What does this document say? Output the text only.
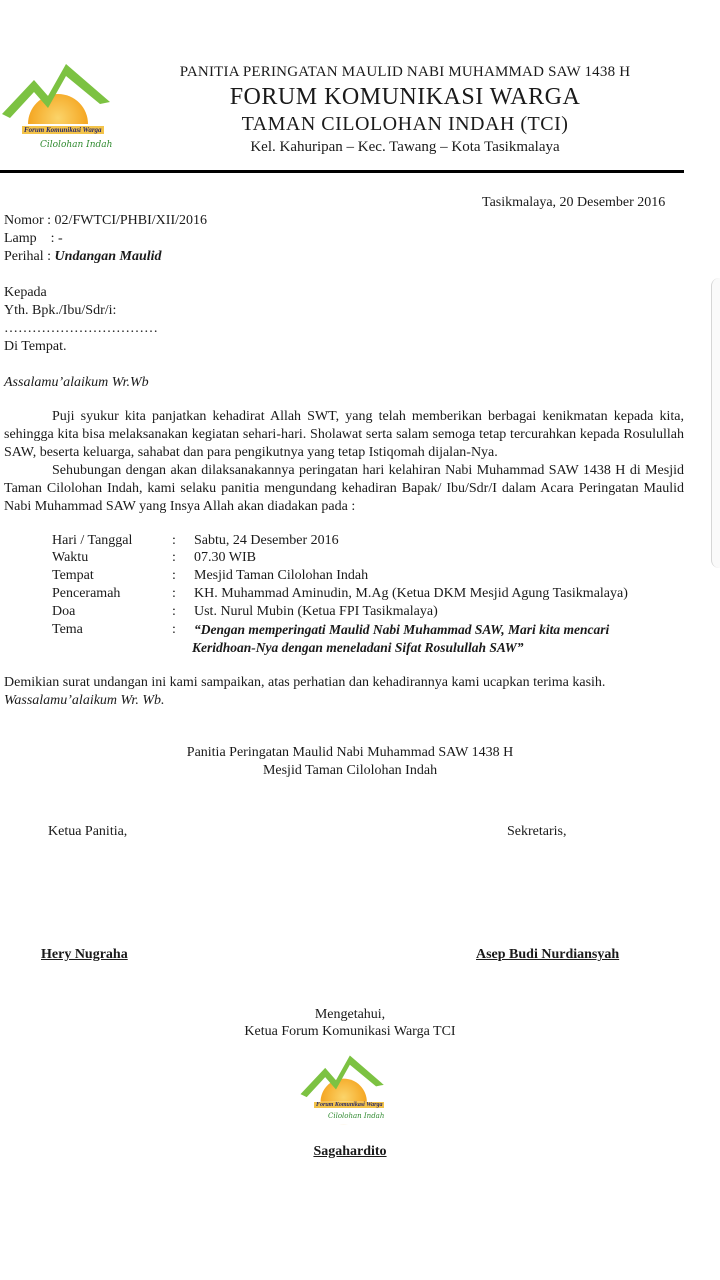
Forum Komunikasi Warga
Cilolohan Indah
PANITIA PERINGATAN MAULID NABI MUHAMMAD SAW 1438 H
FORUM KOMUNIKASI WARGA
TAMAN CILOLOHAN INDAH (TCI)
Kel. Kahuripan – Kec. Tawang – Kota Tasikmalaya
Tasikmalaya, 20 Desember 2016
Nomor : 02/FWTCI/PHBI/XII/2016
Lamp    : -
Perihal : Undangan Maulid
Kepada
Yth. Bpk./Ibu/Sdr/i:
……………………………
Di Tempat.
Assalamu’alaikum Wr.Wb
Puji syukur kita panjatkan kehadirat Allah SWT, yang telah memberikan berbagai kenikmatan kepada kita, sehingga kita bisa melaksanakan kegiatan sehari-hari. Sholawat serta salam semoga tetap tercurahkan kepada Rosulullah SAW, beserta keluarga, sahabat dan para pengikutnya yang tetap Istiqomah dijalan-Nya.
Sehubungan dengan akan dilaksanakannya peringatan hari kelahiran Nabi Muhammad SAW 1438 H di Mesjid Taman Cilolohan Indah, kami selaku panitia mengundang kehadiran Bapak/ Ibu/Sdr/I dalam Acara Peringatan Maulid Nabi Muhammad SAW yang Insya Allah akan diadakan pada :
Hari / Tanggal	: Sabtu, 24 Desember 2016
Waktu	: 07.30 WIB
Tempat	: Mesjid Taman Cilolohan Indah
Penceramah	: KH. Muhammad Aminudin, M.Ag (Ketua DKM Mesjid Agung Tasikmalaya)
Doa	: Ust. Nurul Mubin (Ketua FPI Tasikmalaya)
Tema	: “Dengan memperingati Maulid Nabi Muhammad SAW, Mari kita mencari
Keridhoan-Nya dengan meneladani Sifat Rosulullah SAW”
Demikian surat undangan ini kami sampaikan, atas perhatian dan kehadirannya kami ucapkan terima kasih.
Wassalamu’alaikum Wr. Wb.
Panitia Peringatan Maulid Nabi Muhammad SAW 1438 H
Mesjid Taman Cilolohan Indah
Ketua Panitia,	Sekretaris,
Hery Nugraha	Asep Budi Nurdiansyah
Mengetahui,
Ketua Forum Komunikasi Warga TCI
Forum Komunikasi Warga
Cilolohan Indah
Sagahardito
